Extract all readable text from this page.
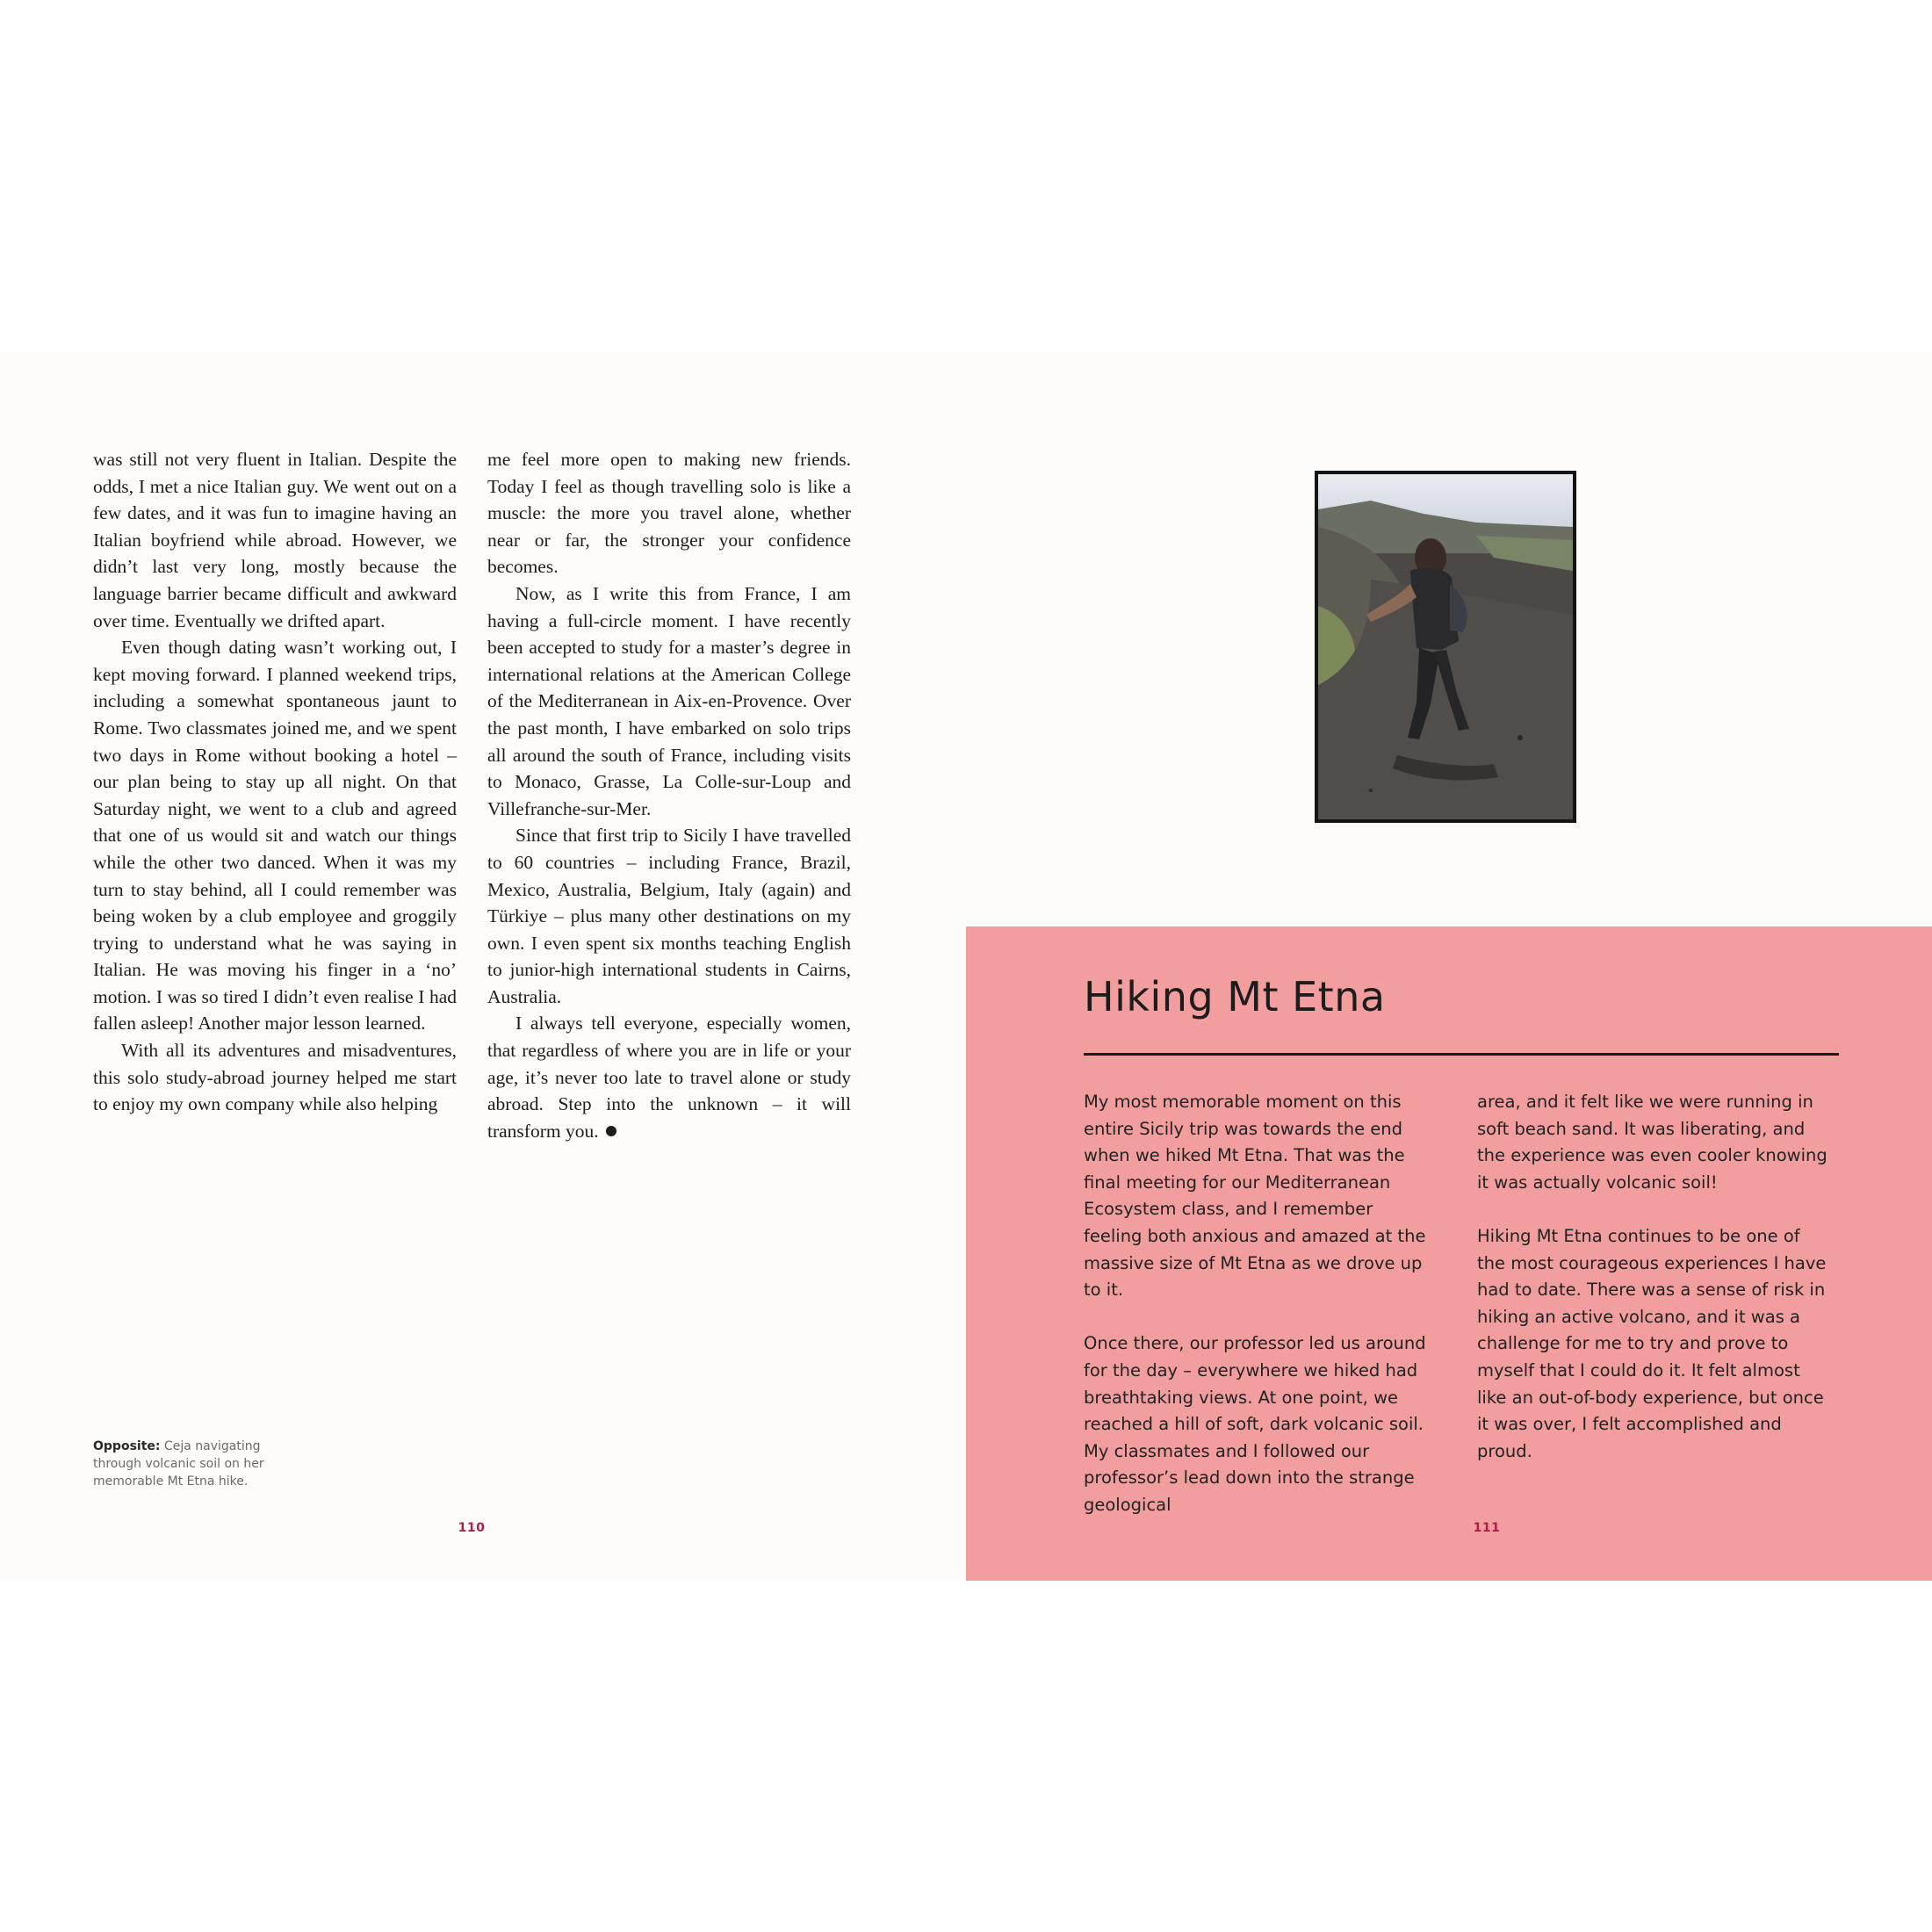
was still not very fluent in Italian. Despite the odds, I met a nice Italian guy. We went out on a few dates, and it was fun to imagine having an Italian boyfriend while abroad. However, we didn’t last very long, mostly because the language barrier became difficult and awkward over time. Eventually we drifted apart.

Even though dating wasn’t working out, I kept moving forward. I planned weekend trips, including a somewhat spontaneous jaunt to Rome. Two classmates joined me, and we spent two days in Rome without booking a hotel – our plan being to stay up all night. On that Saturday night, we went to a club and agreed that one of us would sit and watch our things while the other two danced. When it was my turn to stay behind, all I could remember was being woken by a club employee and groggily trying to understand what he was saying in Italian. He was moving his finger in a ‘no’ motion. I was so tired I didn’t even realise I had fallen asleep! Another major lesson learned.

With all its adventures and misadventures, this solo study-abroad journey helped me start to enjoy my own company while also helping

me feel more open to making new friends. Today I feel as though travelling solo is like a muscle: the more you travel alone, whether near or far, the stronger your confidence becomes.

Now, as I write this from France, I am having a full-circle moment. I have recently been accepted to study for a master’s degree in international relations at the American College of the Mediterranean in Aix-en-Provence. Over the past month, I have embarked on solo trips all around the south of France, including visits to Monaco, Grasse, La Colle-sur-Loup and Villefranche-sur-Mer.

Since that first trip to Sicily I have travelled to 60 countries – including France, Brazil, Mexico, Australia, Belgium, Italy (again) and Türkiye – plus many other destinations on my own. I even spent six months teaching English to junior-high international students in Cairns, Australia.

I always tell everyone, especially women, that regardless of where you are in life or your age, it’s never too late to travel alone or study abroad. Step into the unknown – it will transform you.

Opposite: Ceja navigating through volcanic soil on her memorable Mt Etna hike.
110
Hiking Mt Etna

My most memorable moment on this entire Sicily trip was towards the end when we hiked Mt Etna. That was the final meeting for our Mediterranean Ecosystem class, and I remember feeling both anxious and amazed at the massive size of Mt Etna as we drove up to it.

Once there, our professor led us around for the day – everywhere we hiked had breathtaking views. At one point, we reached a hill of soft, dark volcanic soil. My classmates and I followed our professor’s lead down into the strange geological

area, and it felt like we were running in soft beach sand. It was liberating, and the experience was even cooler knowing it was actually volcanic soil!

Hiking Mt Etna continues to be one of the most courageous experiences I have had to date. There was a sense of risk in hiking an active volcano, and it was a challenge for me to try and prove to myself that I could do it. It felt almost like an out-of-body experience, but once it was over, I felt accomplished and proud.

111
